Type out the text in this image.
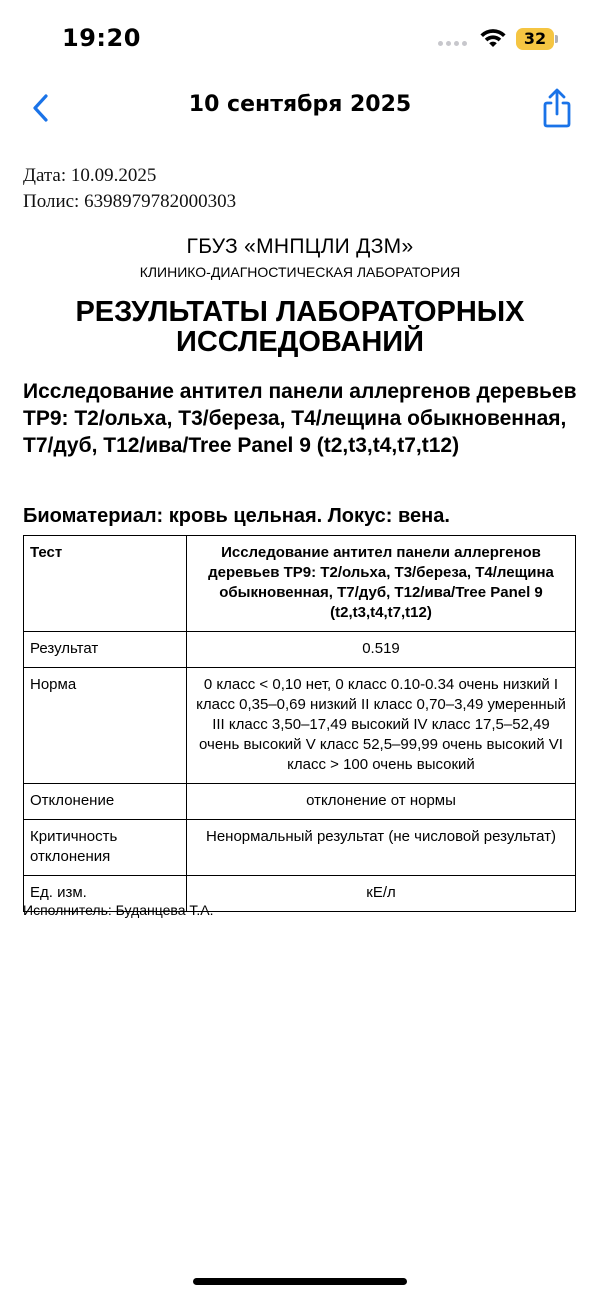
19:20	32
10 сентября 2025
Дата: 10.09.2025
Полис: 6398979782000303
ГБУЗ «МНПЦЛИ ДЗМ»
КЛИНИКО-ДИАГНОСТИЧЕСКАЯ ЛАБОРАТОРИЯ
РЕЗУЛЬТАТЫ ЛАБОРАТОРНЫХ
ИССЛЕДОВАНИЙ
Исследование антител панели аллергенов деревьев ТР9: Т2/ольха, Т3/береза, Т4/лещина обыкновенная, Т7/дуб, Т12/ива/Tree Panel 9 (t2,t3,t4,t7,t12)
Биоматериал: кровь цельная. Локус: вена.
Тест	Исследование антител панели аллергенов деревьев ТР9: Т2/ольха, Т3/береза, Т4/лещина обыкновенная, Т7/дуб, Т12/ива/Tree Panel 9 (t2,t3,t4,t7,t12)
Результат	0.519
Норма	0 класс < 0,10 нет, 0 класс 0.10-0.34 очень низкий I класс 0,35–0,69 низкий II класс 0,70–3,49 умеренный III класс 3,50–17,49 высокий IV класс 17,5–52,49 очень высокий V класс 52,5–99,99 очень высокий VI класс > 100 очень высокий
Отклонение	отклонение от нормы
Критичность отклонения	Ненормальный результат (не числовой результат)
Ед. изм.	кЕ/л
Исполнитель: Буданцева Т.А.
